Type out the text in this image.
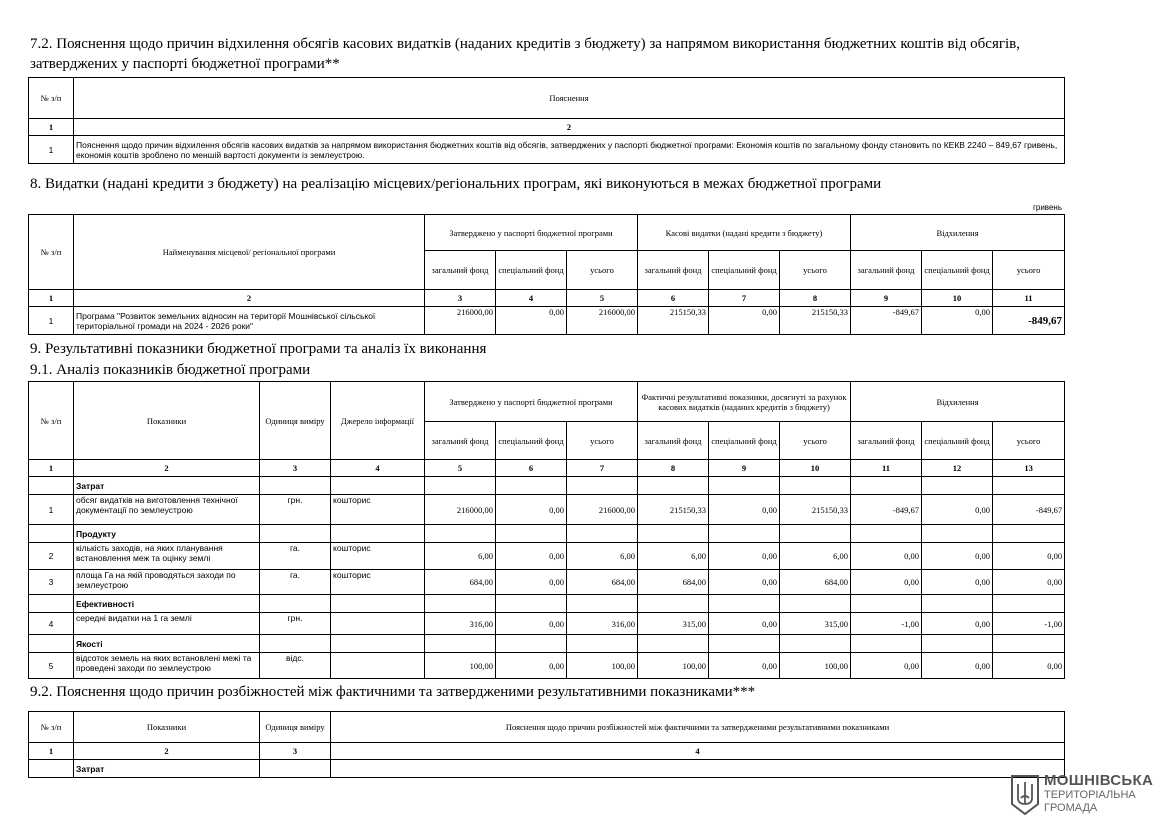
7.2. Пояснення щодо причин відхилення обсягів касових видатків (наданих кредитів з бюджету) за напрямом використання бюджетних коштів від обсягів, затверджених у паспорті бюджетної програми**
№ з/п	Пояснення
1	2
1	Пояснення щодо причин відхилення обсягів касових видатків за напрямом використання бюджетних коштів від обсягів, затверджених у паспорті бюджетної програми: Економія коштів по загальному фонду становить по КЕКВ 2240 – 849,67 гривень, економія коштів зроблено по меншій вартості документи із землеустрою.
8. Видатки (надані кредити з бюджету) на реалізацію місцевих/регіональних програм, які виконуються в межах бюджетної програми
гривень
№ з/п	Найменування місцевої/ регіональної програми	Затверджено у паспорті бюджетної програми			Касові видатки (надані кредити з бюджету)			Відхилення		
		загальний фонд	спеціальний фонд	усього	загальний фонд	спеціальний фонд	усього	загальний фонд	спеціальний фонд	усього
1	2	3	4	5	6	7	8	9	10	11
1	Програма "Розвиток земельних відносин на території Мошнівської сільської територіальної громади на 2024 - 2026 роки"	216000,00	0,00	216000,00	215150,33	0,00	215150,33	-849,67	0,00	-849,67
9. Результативні показники бюджетної програми та аналіз їх виконання
9.1. Аналіз показників бюджетної програми
№ з/п	Показники	Одиниця виміру	Джерело інформації	Затверджено у паспорті бюджетної програми			Фактичні результативні показники, досягнуті за рахунок касових видатків (наданих кредитів з бюджету)			Відхилення		
				загальний фонд	спеціальний фонд	усього	загальний фонд	спеціальний фонд	усього	загальний фонд	спеціальний фонд	усього
1	2	3	4	5	6	7	8	9	10	11	12	13
	Затрат											
1	обсяг видатків на виготовлення технічної документації по землеустрою	грн.	кошторис	216000,00	0,00	216000,00	215150,33	0,00	215150,33	-849,67	0,00	-849,67
	Продукту											
2	кількість заходів, на яких планування встановлення меж та оцінку землі	га.	кошторис	6,00	0,00	6,00	6,00	0,00	6,00	0,00	0,00	0,00
3	площа Га на якій проводяться заходи по землеустрою	га.	кошторис	684,00	0,00	684,00	684,00	0,00	684,00	0,00	0,00	0,00
	Ефективності											
4	середні видатки на 1 га землі	грн.		316,00	0,00	316,00	315,00	0,00	315,00	-1,00	0,00	-1,00
	Якості											
5	відсоток земель на яких встановлені межі та проведені заходи по землеустрою	відс.		100,00	0,00	100,00	100,00	0,00	100,00	0,00	0,00	0,00
9.2. Пояснення щодо причин розбіжностей між фактичними та затвердженими результативними показниками***
№ з/п	Показники	Одиниця виміру	Пояснення щодо причин розбіжностей між фактичними та затвердженими результативними показниками
1	2	3	4
	Затрат		
МОШНІВСЬКА
ТЕРИТОРІАЛЬНА
ГРОМАДА
